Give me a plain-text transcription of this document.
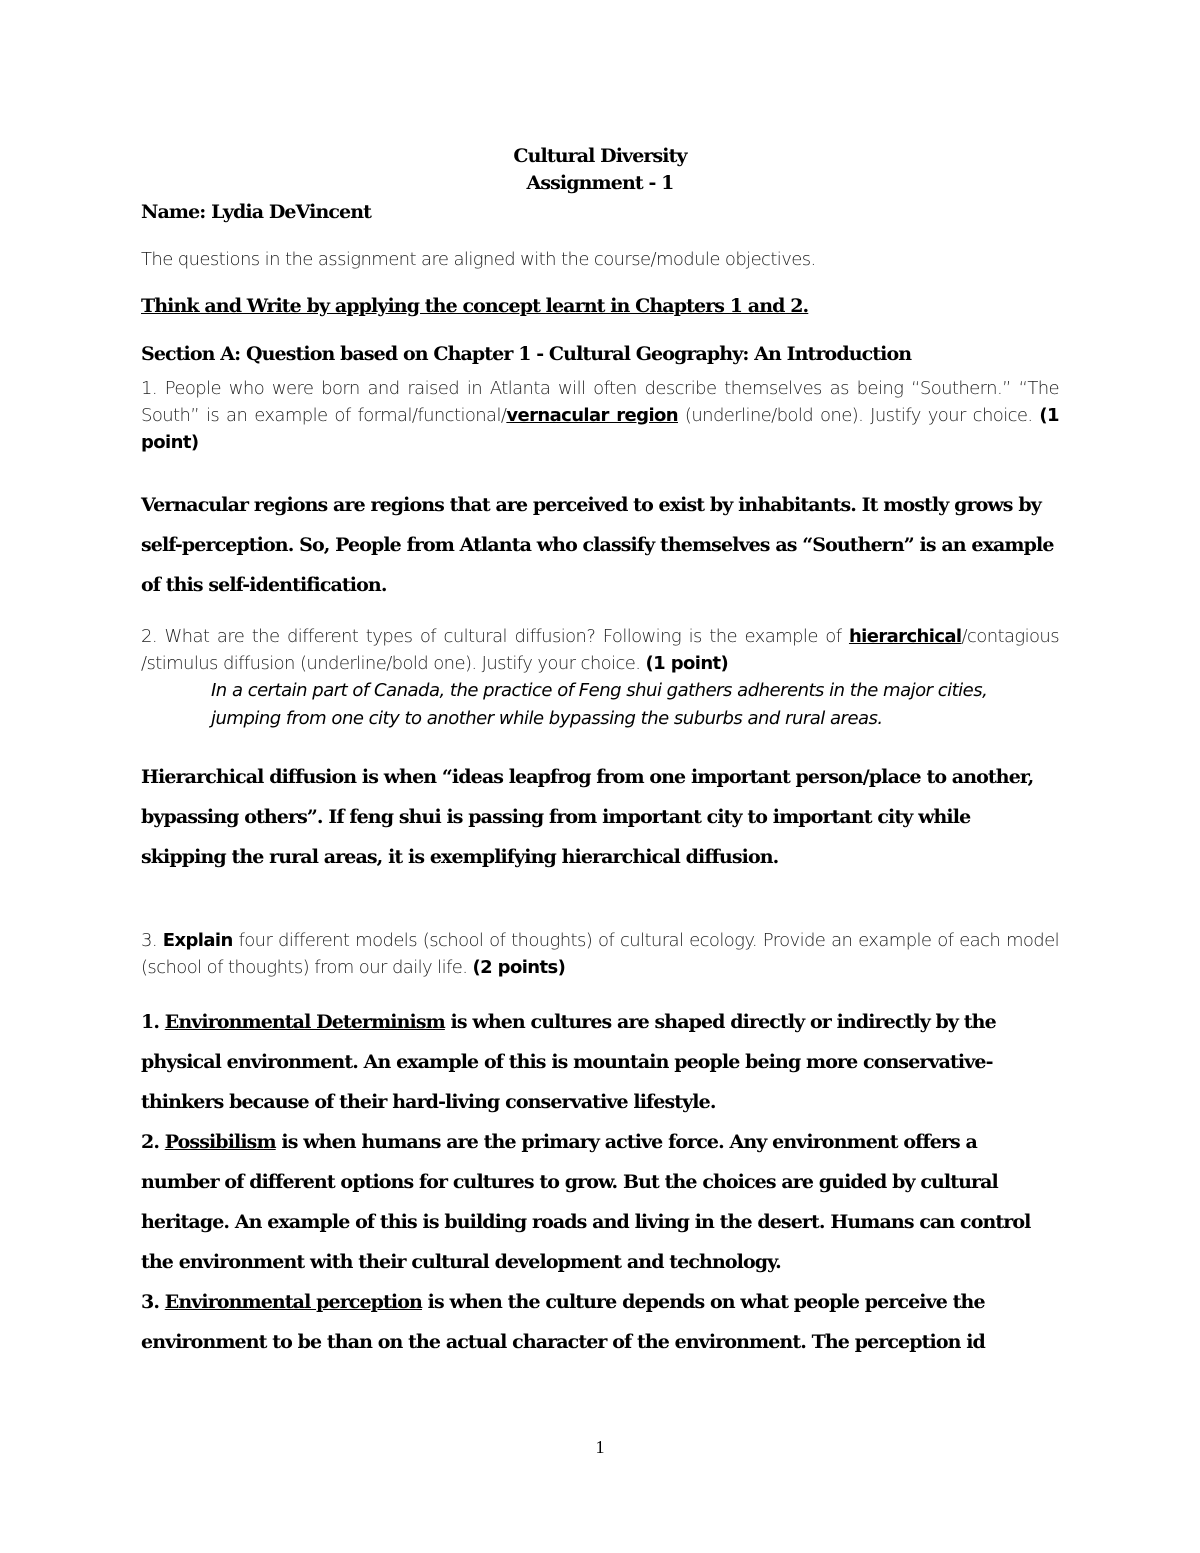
Cultural Diversity
Assignment - 1
Name: Lydia DeVincent
The questions in the assignment are aligned with the course/module objectives.
Think and Write by applying the concept learnt in Chapters 1 and 2.
Section A: Question based on Chapter 1 - Cultural Geography: An Introduction
1. People who were born and raised in Atlanta will often describe themselves as being “Southern.” “The South” is an example of formal/functional/vernacular region (underline/bold one). Justify your choice. (1 point)
Vernacular regions are regions that are perceived to exist by inhabitants. It mostly grows by self-perception. So, People from Atlanta who classify themselves as “Southern” is an example of this self-identification.
2. What are the different types of cultural diffusion? Following is the example of hierarchical/contagious /stimulus diffusion (underline/bold one). Justify your choice. (1 point)
In a certain part of Canada, the practice of Feng shui gathers adherents in the major cities, jumping from one city to another while bypassing the suburbs and rural areas.
Hierarchical diffusion is when “ideas leapfrog from one important person/place to another, bypassing others”. If feng shui is passing from important city to important city while skipping the rural areas, it is exemplifying hierarchical diffusion.
3. Explain four different models (school of thoughts) of cultural ecology. Provide an example of each model (school of thoughts) from our daily life. (2 points)
1. Environmental Determinism is when cultures are shaped directly or indirectly by the physical environment. An example of this is mountain people being more conservative-thinkers because of their hard-living conservative lifestyle.
2. Possibilism is when humans are the primary active force. Any environment offers a number of different options for cultures to grow. But the choices are guided by cultural heritage. An example of this is building roads and living in the desert. Humans can control the environment with their cultural development and technology.
3. Environmental perception is when the culture depends on what people perceive the environment to be than on the actual character of the environment. The perception id
1
